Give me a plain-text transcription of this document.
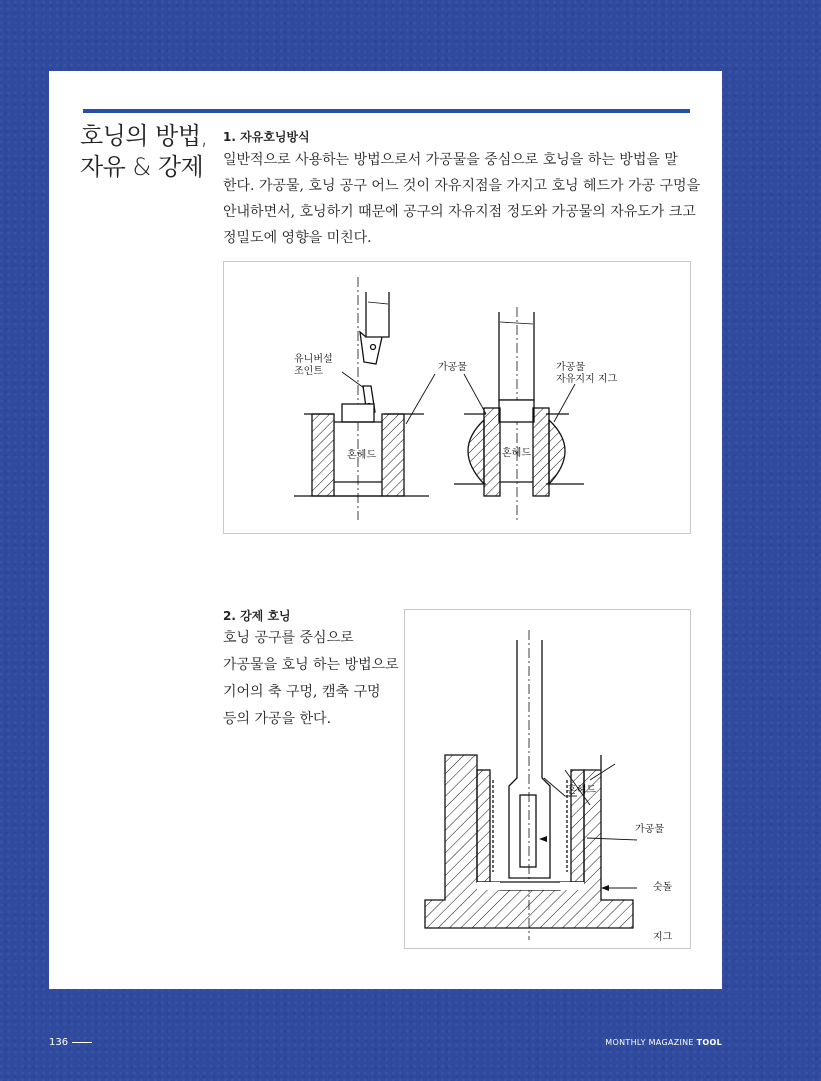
호닝의 방법,
자유 & 강제
1. 자유호닝방식
일반적으로 사용하는 방법으로서 가공물을 중심으로 호닝을 하는 방법을 말
한다. 가공물, 호닝 공구 어느 것이 자유지점을 가지고 호닝 헤드가 가공 구멍을
안내하면서, 호닝하기 때문에 공구의 자유지점 정도와 가공물의 자유도가 크고
정밀도에 영향을 미친다.
유니버설
조인트	가공물	가공물
자유지지 지그
혼헤드	혼헤드
2. 강제 호닝
호닝 공구를 중심으로
가공물을 호닝 하는 방법으로
기어의 축 구멍, 캠축 구멍
등의 가공을 한다.
혼헤드
가공물
숫돌
지그
136	MONTHLY MAGAZINE TOOL
